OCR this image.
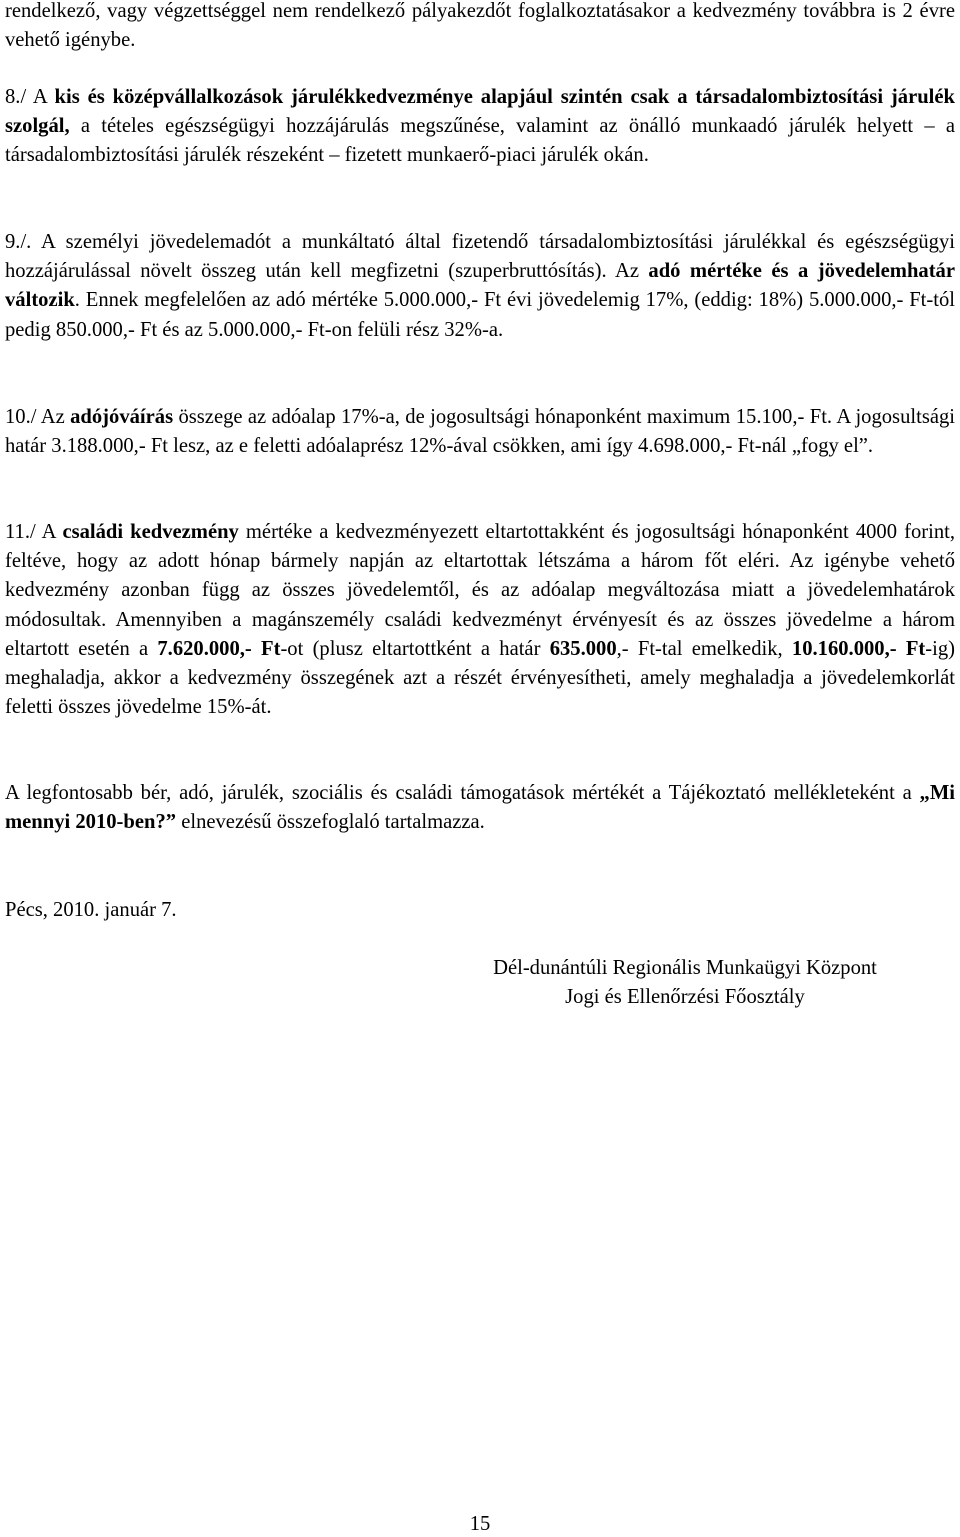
rendelkező, vagy végzettséggel nem rendelkező pályakezdőt foglalkoztatásakor a kedvezmény továbbra is 2 évre vehető igénybe.

8./ A kis és középvállalkozások járulékkedvezménye alapjául szintén csak a társadalombiztosítási járulék szolgál, a tételes egészségügyi hozzájárulás megszűnése, valamint az önálló munkaadó járulék helyett – a társadalombiztosítási járulék részeként – fizetett munkaerő-piaci járulék okán.

9./. A személyi jövedelemadót a munkáltató által fizetendő társadalombiztosítási járulékkal és egészségügyi hozzájárulással növelt összeg után kell megfizetni (szuperbruttósítás). Az adó mértéke és a jövedelemhatár változik. Ennek megfelelően az adó mértéke 5.000.000,- Ft évi jövedelemig 17%, (eddig: 18%) 5.000.000,- Ft-tól pedig 850.000,- Ft és az 5.000.000,- Ft-on felüli rész 32%-a.

10./ Az adójóváírás összege az adóalap 17%-a, de jogosultsági hónaponként maximum 15.100,- Ft. A jogosultsági határ 3.188.000,- Ft lesz, az e feletti adóalaprész 12%-ával csökken, ami így 4.698.000,- Ft-nál „fogy el”.

11./ A családi kedvezmény mértéke a kedvezményezett eltartottakként és jogosultsági hónaponként 4000 forint, feltéve, hogy az adott hónap bármely napján az eltartottak létszáma a három főt eléri. Az igénybe vehető kedvezmény azonban függ az összes jövedelemtől, és az adóalap megváltozása miatt a jövedelemhatárok módosultak. Amennyiben a magánszemély családi kedvezményt érvényesít és az összes jövedelme a három eltartott esetén a 7.620.000,- Ft-ot (plusz eltartottként a határ 635.000,- Ft-tal emelkedik, 10.160.000,- Ft-ig) meghaladja, akkor a kedvezmény összegének azt a részét érvényesítheti, amely meghaladja a jövedelemkorlát feletti összes jövedelme 15%-át.

A legfontosabb bér, adó, járulék, szociális és családi támogatások mértékét a Tájékoztató mellékleteként a „Mi mennyi 2010-ben?” elnevezésű összefoglaló tartalmazza.

Pécs, 2010. január 7.

Dél-dunántúli Regionális Munkaügyi Központ
Jogi és Ellenőrzési Főosztály
15
